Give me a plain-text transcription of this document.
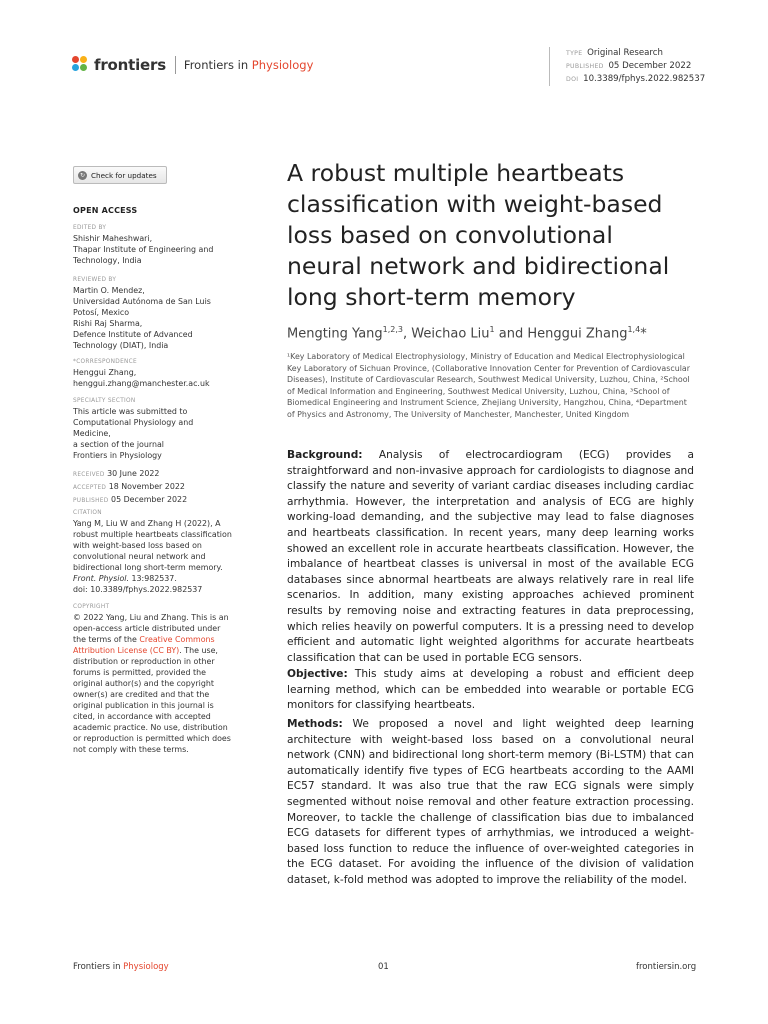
frontiers Frontiers in Physiology
TYPE Original Research
PUBLISHED 05 December 2022
DOI 10.3389/fphys.2022.982537
↻ Check for updates
OPEN ACCESS
EDITED BY
Shishir Maheshwari,
Thapar Institute of Engineering and
Technology, India
REVIEWED BY
Martin O. Mendez,
Universidad Autónoma de San Luis
Potosí, Mexico
Rishi Raj Sharma,
Defence Institute of Advanced
Technology (DIAT), India
*CORRESPONDENCE
Henggui Zhang,
henggui.zhang@manchester.ac.uk
SPECIALTY SECTION
This article was submitted to
Computational Physiology and
Medicine,
a section of the journal
Frontiers in Physiology
RECEIVED 30 June 2022
ACCEPTED 18 November 2022
PUBLISHED 05 December 2022
CITATION
Yang M, Liu W and Zhang H (2022), A
robust multiple heartbeats classification
with weight-based loss based on
convolutional neural network and
bidirectional long short-term memory.
Front. Physiol. 13:982537.
doi: 10.3389/fphys.2022.982537
COPYRIGHT
© 2022 Yang, Liu and Zhang. This is an
open-access article distributed under
the terms of the Creative Commons
Attribution License (CC BY). The use,
distribution or reproduction in other
forums is permitted, provided the
original author(s) and the copyright
owner(s) are credited and that the
original publication in this journal is
cited, in accordance with accepted
academic practice. No use, distribution
or reproduction is permitted which does
not comply with these terms.
A robust multiple heartbeats
classification with weight-based
loss based on convolutional
neural network and bidirectional
long short-term memory
Mengting Yang$^{1,2,3}$, Weichao Liu$^1$ and Henggui Zhang$^{1,4}$*
¹Key Laboratory of Medical Electrophysiology, Ministry of Education and Medical Electrophysiological
Key Laboratory of Sichuan Province, (Collaborative Innovation Center for Prevention of Cardiovascular
Diseases), Institute of Cardiovascular Research, Southwest Medical University, Luzhou, China, ²School
of Medical Information and Engineering, Southwest Medical University, Luzhou, China, ³School of
Biomedical Engineering and Instrument Science, Zhejiang University, Hangzhou, China, ⁴Department
of Physics and Astronomy, The University of Manchester, Manchester, United Kingdom
Background: Analysis of electrocardiogram (ECG) provides a straightforward and non-invasive approach for cardiologists to diagnose and classify the nature and severity of variant cardiac diseases including cardiac arrhythmia. However, the interpretation and analysis of ECG are highly working-load demanding, and the subjective may lead to false diagnoses and heartbeats classification. In recent years, many deep learning works showed an excellent role in accurate heartbeats classification. However, the imbalance of heartbeat classes is universal in most of the available ECG databases since abnormal heartbeats are always relatively rare in real life scenarios. In addition, many existing approaches achieved prominent results by removing noise and extracting features in data preprocessing, which relies heavily on powerful computers. It is a pressing need to develop efficient and automatic light weighted algorithms for accurate heartbeats classification that can be used in portable ECG sensors.
Objective: This study aims at developing a robust and efficient deep learning method, which can be embedded into wearable or portable ECG monitors for classifying heartbeats.
Methods: We proposed a novel and light weighted deep learning architecture with weight-based loss based on a convolutional neural network (CNN) and bidirectional long short-term memory (Bi-LSTM) that can automatically identify five types of ECG heartbeats according to the AAMI EC57 standard. It was also true that the raw ECG signals were simply segmented without noise removal and other feature extraction processing. Moreover, to tackle the challenge of classification bias due to imbalanced ECG datasets for different types of arrhythmias, we introduced a weight-based loss function to reduce the influence of over-weighted categories in the ECG dataset. For avoiding the influence of the division of validation dataset, k-fold method was adopted to improve the reliability of the model.
Frontiers in Physiology	01	frontiersin.org
